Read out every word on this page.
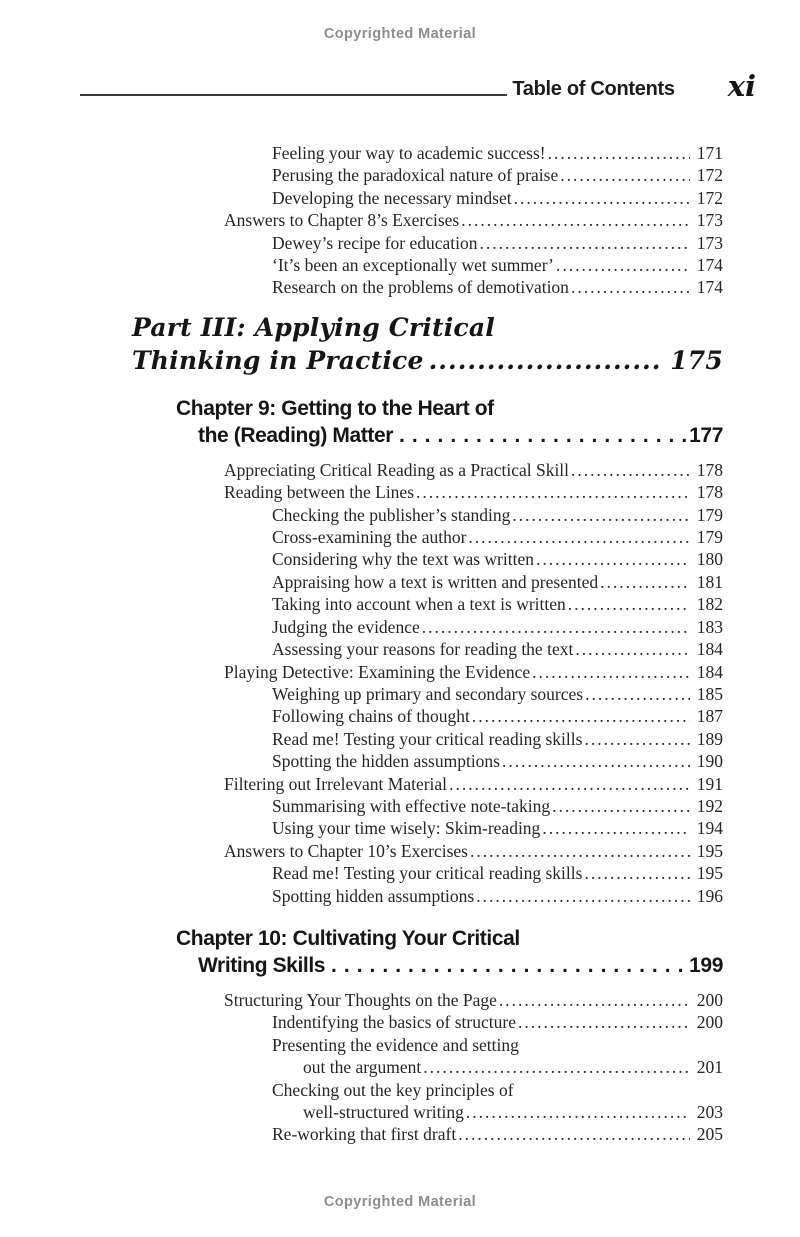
Copyrighted Material
Table of Contents xi
Feeling your way to academic success! .....	171
Perusing the paradoxical nature of praise .....	172
Developing the necessary mindset .....	172
Answers to Chapter 8’s Exercises .....	173
Dewey’s recipe for education .....	173
‘It’s been an exceptionally wet summer’ .....	174
Research on the problems of demotivation .....	174
Part III: Applying Critical
Thinking in Practice .....	175
Chapter 9: Getting to the Heart of
the (Reading) Matter .....	177
Appreciating Critical Reading as a Practical Skill .....	178
Reading between the Lines .....	178
Checking the publisher’s standing .....	179
Cross-examining the author .....	179
Considering why the text was written .....	180
Appraising how a text is written and presented .....	181
Taking into account when a text is written .....	182
Judging the evidence .....	183
Assessing your reasons for reading the text .....	184
Playing Detective: Examining the Evidence .....	184
Weighing up primary and secondary sources .....	185
Following chains of thought .....	187
Read me! Testing your critical reading skills .....	189
Spotting the hidden assumptions .....	190
Filtering out Irrelevant Material .....	191
Summarising with effective note-taking .....	192
Using your time wisely: Skim-reading .....	194
Answers to Chapter 10’s Exercises .....	195
Read me! Testing your critical reading skills .....	195
Spotting hidden assumptions .....	196
Chapter 10: Cultivating Your Critical
Writing Skills .....	199
Structuring Your Thoughts on the Page .....	200
Indentifying the basics of structure .....	200
Presenting the evidence and setting
out the argument .....	201
Checking out the key principles of
well-structured writing .....	203
Re-working that first draft .....	205
Copyrighted Material
